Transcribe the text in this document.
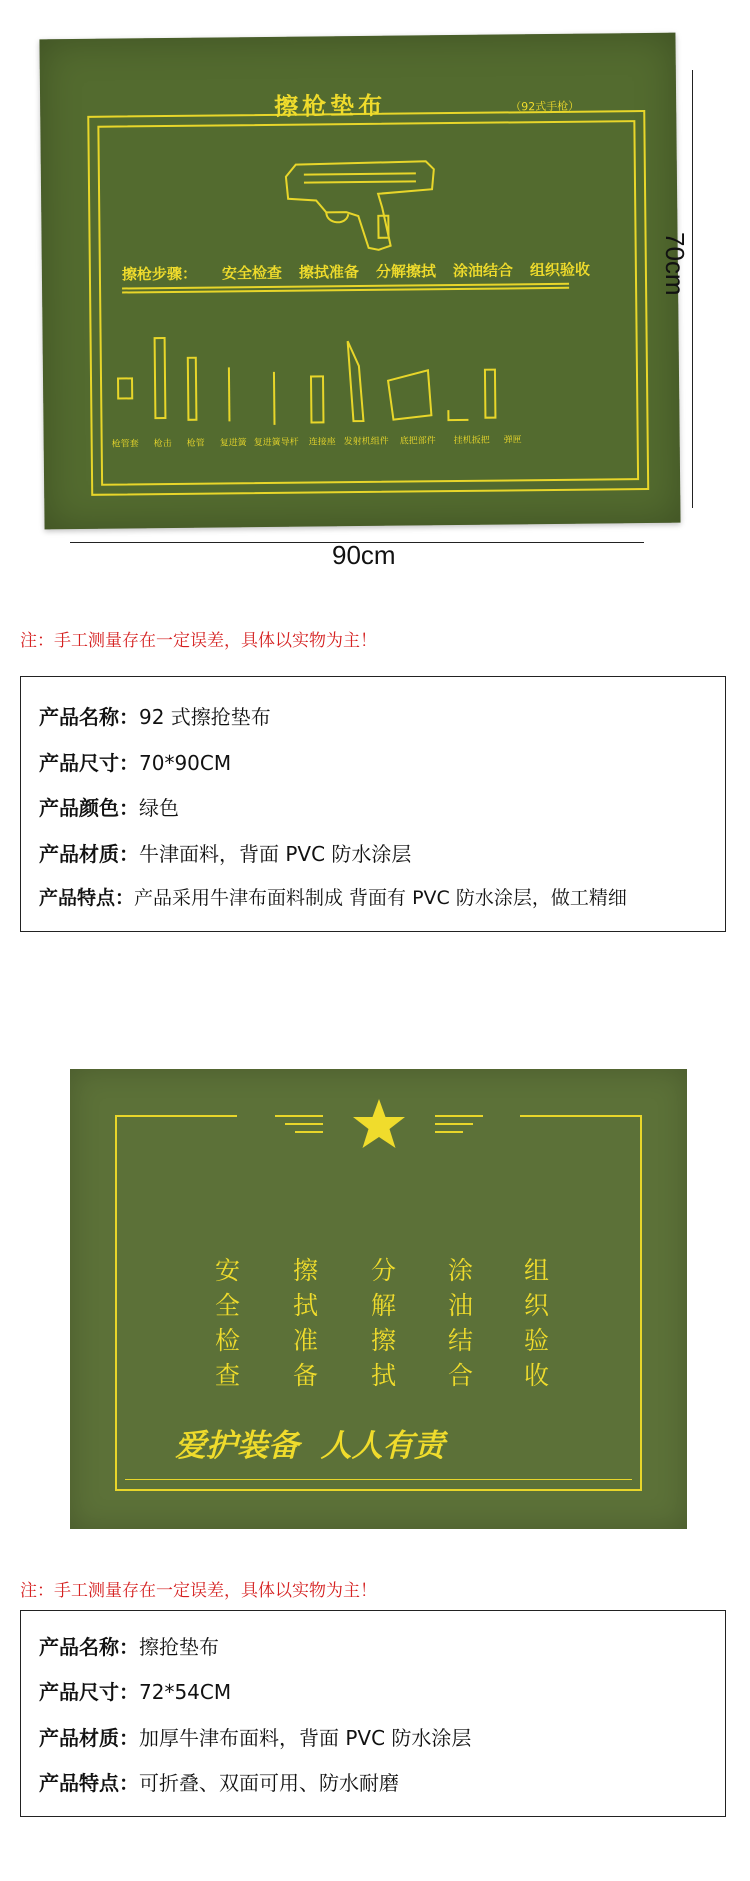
擦枪垫布	（92式手枪）
擦枪步骤： 安全检查 擦拭准备 分解擦拭 涂油结合 组织验收
枪管套 枪击 枪管 复进簧 复进簧导杆 连接座 发射机组件 底把部件 挂机扳把 弹匣
70cm
90cm
注：手工测量存在一定误差，具体以实物为主！
产品名称：92 式擦抢垫布
产品尺寸：70*90CM
产品颜色：绿色
产品材质：牛津面料，背面 PVC 防水涂层
产品特点：产品采用牛津布面料制成 背面有 PVC 防水涂层，做工精细
安
全
检
查
擦
拭
准
备
分
解
擦
拭
涂
油
结
合
组
织
验
收
爱护装备  人人有责
注：手工测量存在一定误差，具体以实物为主！
产品名称：擦抢垫布
产品尺寸：72*54CM
产品材质：加厚牛津布面料，背面 PVC 防水涂层
产品特点：可折叠、双面可用、防水耐磨
